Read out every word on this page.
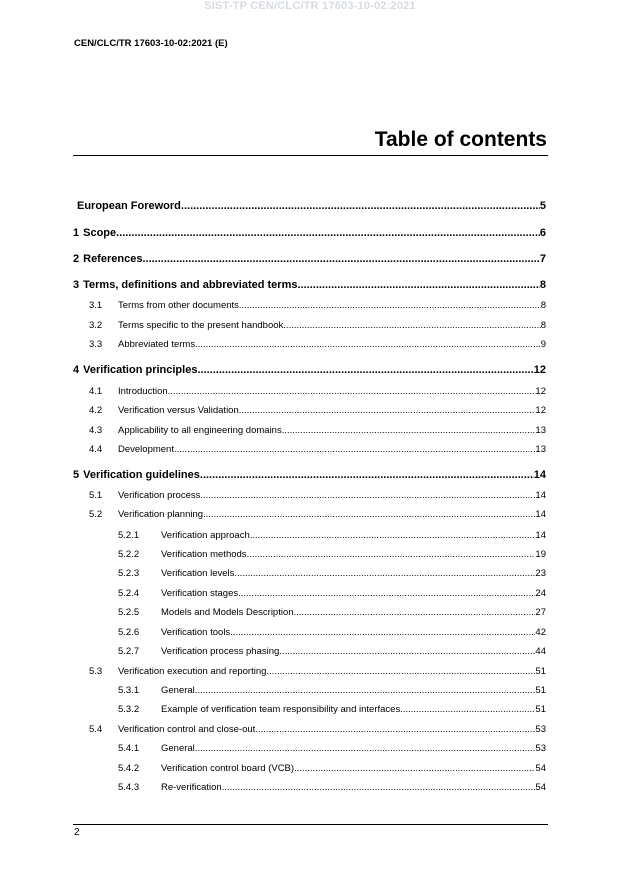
SIST-TP CEN/CLC/TR 17603-10-02:2021
CEN/CLC/TR 17603-10-02:2021 (E)
Table of contents
European Foreword .....	5
1 Scope .....	6
2 References .....	7
3 Terms, definitions and abbreviated terms .....	8
3.1	Terms from other documents .....	8
3.2	Terms specific to the present handbook .....	8
3.3	Abbreviated terms .....	9
4 Verification principles .....	12
4.1	Introduction .....	12
4.2	Verification versus Validation .....	12
4.3	Applicability to all engineering domains .....	13
4.4	Development .....	13
5 Verification guidelines .....	14
5.1	Verification process .....	14
5.2	Verification planning .....	14
5.2.1	Verification approach .....	14
5.2.2	Verification methods .....	19
5.2.3	Verification levels .....	23
5.2.4	Verification stages .....	24
5.2.5	Models and Models Description .....	27
5.2.6	Verification tools .....	42
5.2.7	Verification process phasing .....	44
5.3	Verification execution and reporting .....	51
5.3.1	General .....	51
5.3.2	Example of verification team responsibility and interfaces .....	51
5.4	Verification control and close-out .....	53
5.4.1	General .....	53
5.4.2	Verification control board (VCB) .....	54
5.4.3	Re-verification .....	54
2
